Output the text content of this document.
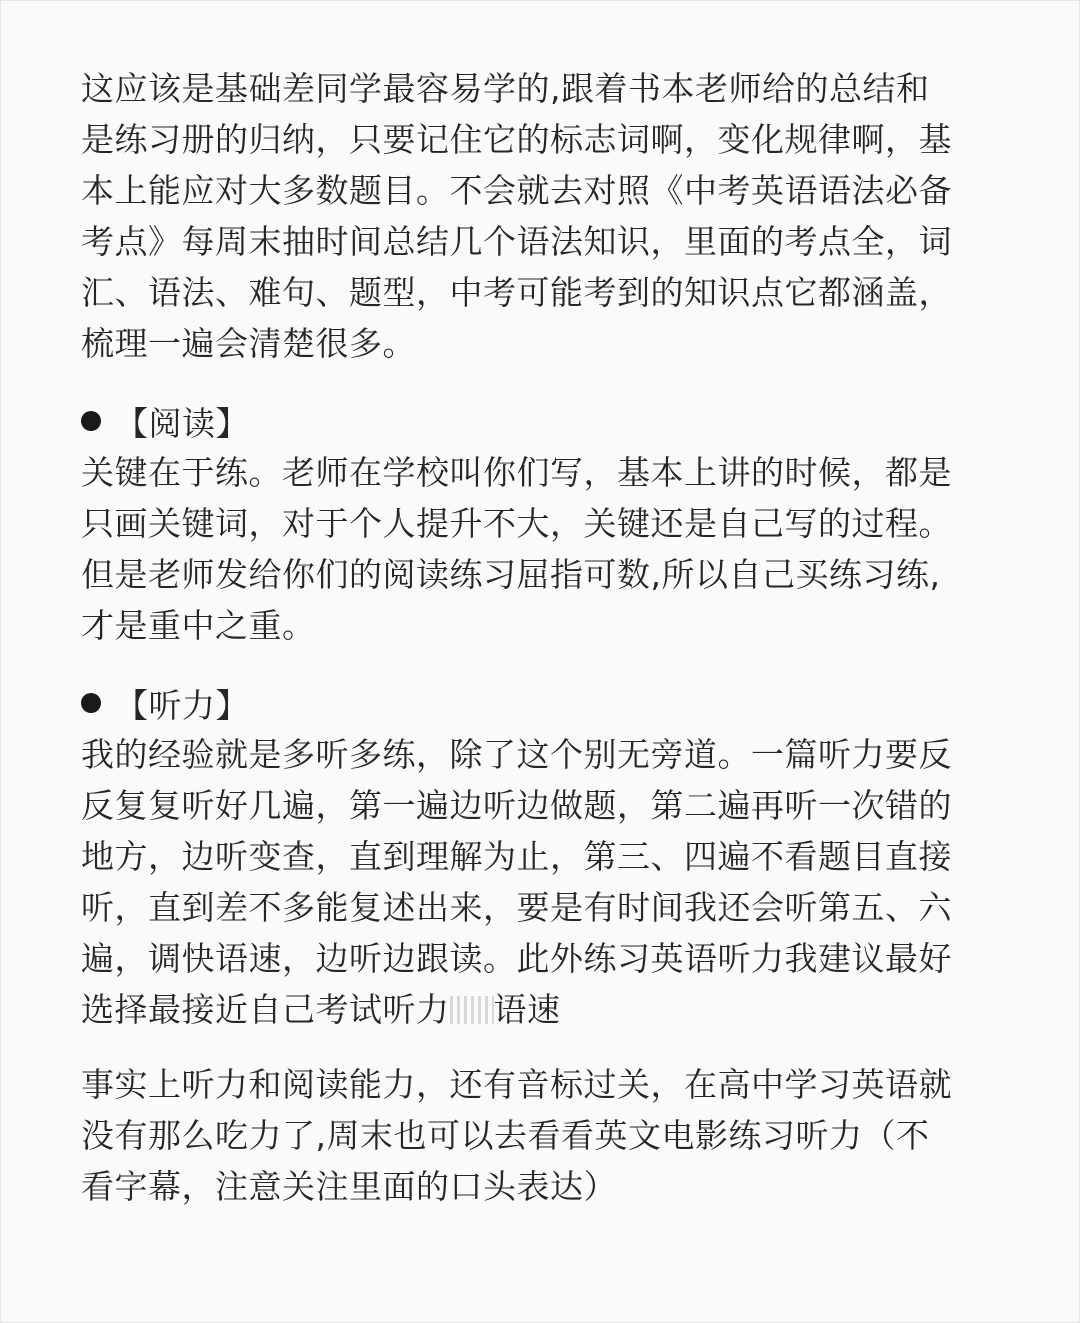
这应该是基础差同学最容易学的,跟着书本老师给的总结和
是练习册的归纳，只要记住它的标志词啊，变化规律啊，基
本上能应对大多数题目。不会就去对照《中考英语语法必备
考点》每周末抽时间总结几个语法知识，里面的考点全，词
汇、语法、难句、题型，中考可能考到的知识点它都涵盖，
梳理一遍会清楚很多。

【阅读】

关键在于练。老师在学校叫你们写，基本上讲的时候，都是
只画关键词，对于个人提升不大，关键还是自己写的过程。
但是老师发给你们的阅读练习屈指可数,所以自己买练习练,
才是重中之重。

【听力】

我的经验就是多听多练，除了这个别无旁道。一篇听力要反
反复复听好几遍，第一遍边听边做题，第二遍再听一次错的
地方，边听变查，直到理解为止，第三、四遍不看题目直接
听，直到差不多能复述出来，要是有时间我还会听第五、六
遍，调快语速，边听边跟读。此外练习英语听力我建议最好
选择最接近自己考试听力 语速

事实上听力和阅读能力，还有音标过关，在高中学习英语就
没有那么吃力了,周末也可以去看看英文电影练习听力（不
看字幕，注意关注里面的口头表达）
